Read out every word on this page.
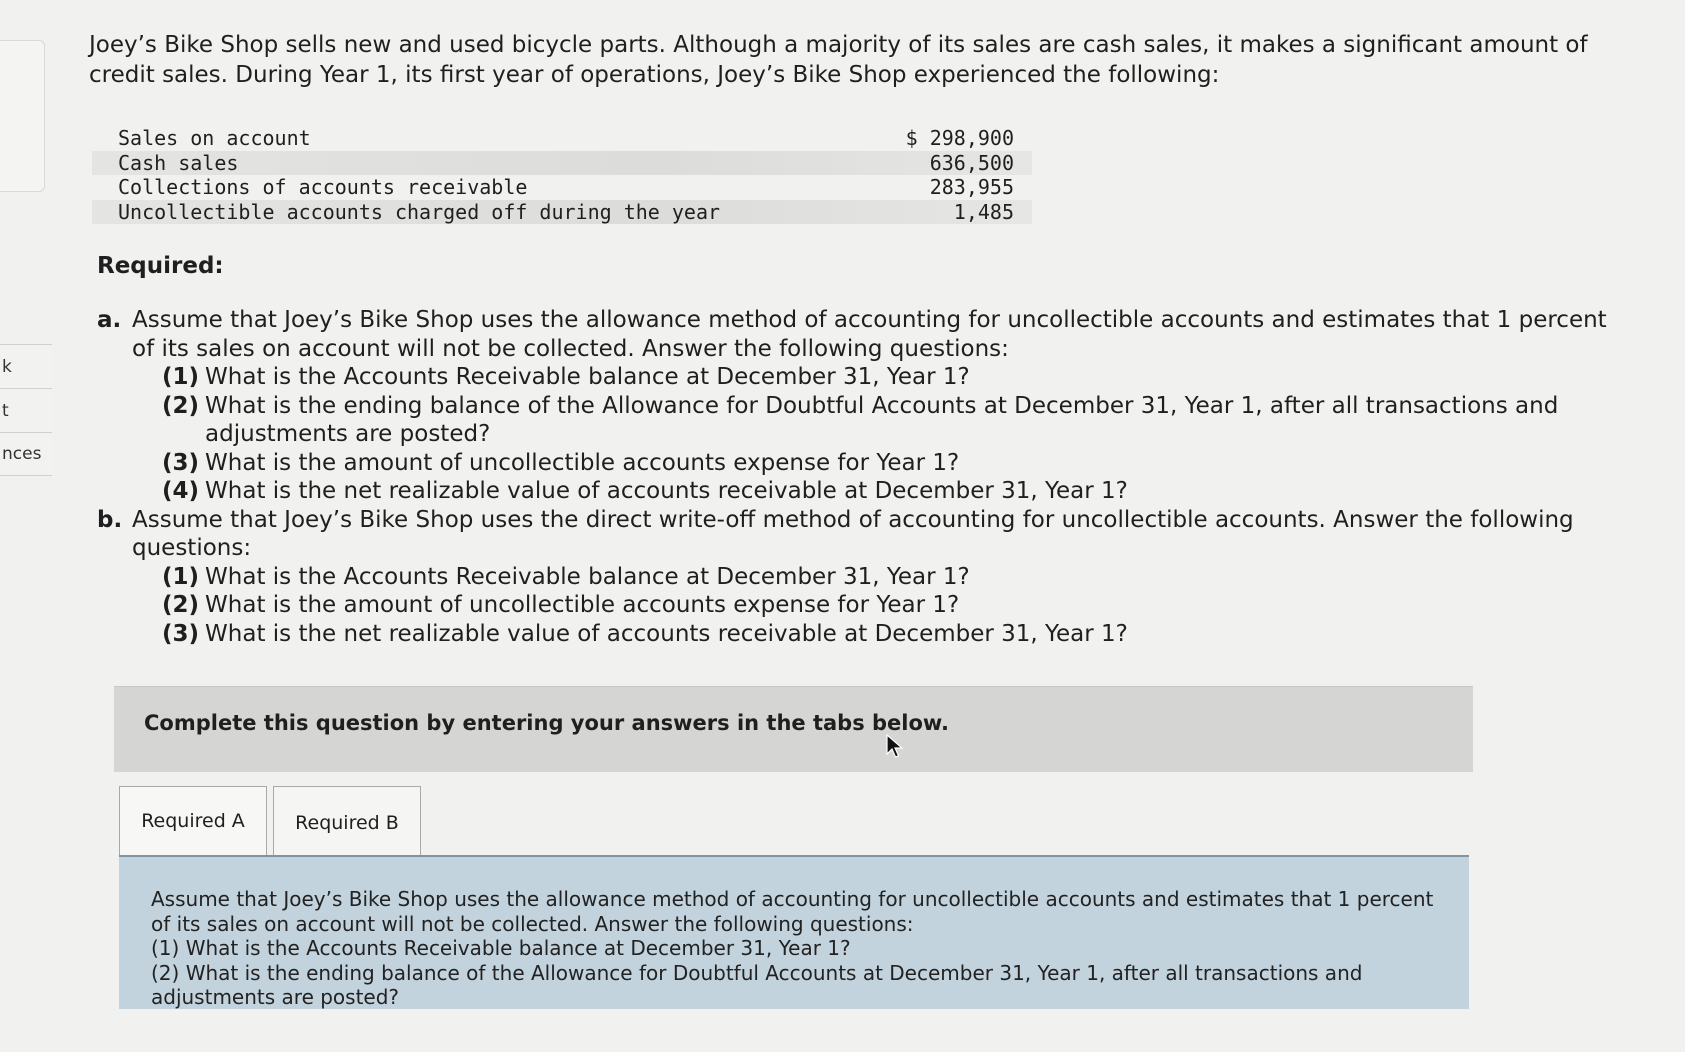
k
t
nces

Joey’s Bike Shop sells new and used bicycle parts. Although a majority of its sales are cash sales, it makes a significant amount of credit sales. During Year 1, its first year of operations, Joey’s Bike Shop experienced the following:

Sales on account	$ 298,900
Cash sales	636,500
Collections of accounts receivable	283,955
Uncollectible accounts charged off during the year	1,485
Required:
a. Assume that Joey’s Bike Shop uses the allowance method of accounting for uncollectible accounts and estimates that 1 percent of its sales on account will not be collected. Answer the following questions:
(1) What is the Accounts Receivable balance at December 31, Year 1?
(2) What is the ending balance of the Allowance for Doubtful Accounts at December 31, Year 1, after all transactions and adjustments are posted?
(3) What is the amount of uncollectible accounts expense for Year 1?
(4) What is the net realizable value of accounts receivable at December 31, Year 1?
b. Assume that Joey’s Bike Shop uses the direct write-off method of accounting for uncollectible accounts. Answer the following questions:
(1) What is the Accounts Receivable balance at December 31, Year 1?
(2) What is the amount of uncollectible accounts expense for Year 1?
(3) What is the net realizable value of accounts receivable at December 31, Year 1?
Complete this question by entering your answers in the tabs below.
Required A	Required B
Assume that Joey’s Bike Shop uses the allowance method of accounting for uncollectible accounts and estimates that 1 percent of its sales on account will not be collected. Answer the following questions:
(1) What is the Accounts Receivable balance at December 31, Year 1?
(2) What is the ending balance of the Allowance for Doubtful Accounts at December 31, Year 1, after all transactions and adjustments are posted?
